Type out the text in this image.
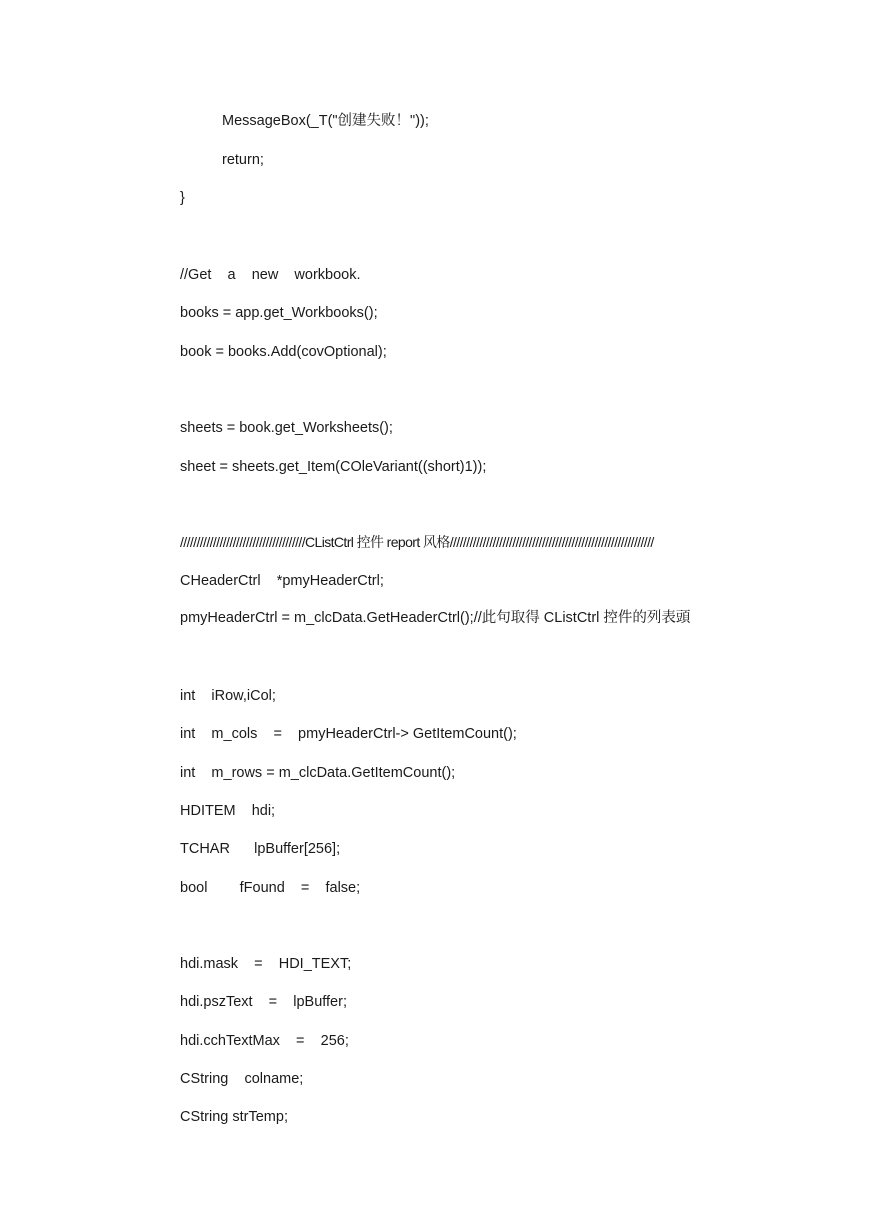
MessageBox(_T("创建失败！"));
return;
}
//Get    a    new    workbook.
books = app.get_Workbooks();
book = books.Add(covOptional);
sheets = book.get_Worksheets();
sheet = sheets.get_Item(COleVariant((short)1));
//////////////////////////////////////CListCtrl 控件 report 风格//////////////////////////////////////////////////////////////
CHeaderCtrl    *pmyHeaderCtrl;
pmyHeaderCtrl = m_clcData.GetHeaderCtrl();//此句取得 CListCtrl 控件的列表頭
int    iRow,iCol;
int    m_cols    =    pmyHeaderCtrl-> GetItemCount();
int    m_rows = m_clcData.GetItemCount();
HDITEM    hdi;
TCHAR      lpBuffer[256];
bool        fFound    =    false;
hdi.mask    =    HDI_TEXT;
hdi.pszText    =    lpBuffer;
hdi.cchTextMax    =    256;
CString    colname;
CString strTemp;
